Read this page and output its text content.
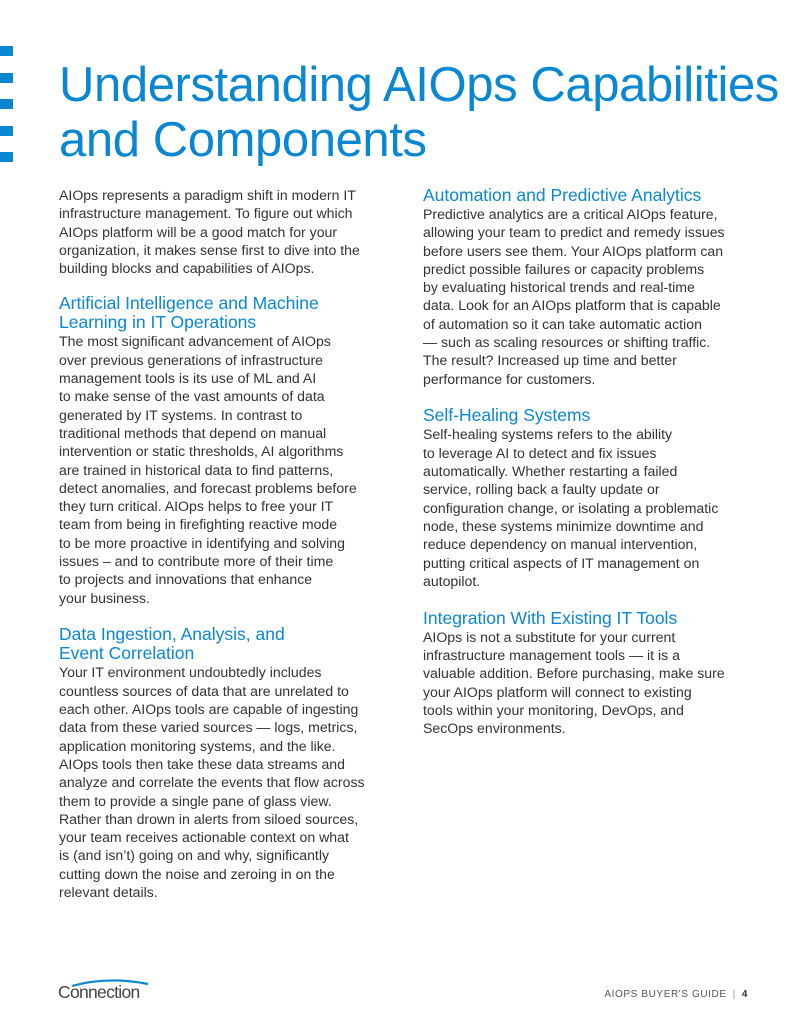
Understanding AIOps Capabilities
and Components

AIOps represents a paradigm shift in modern IT
infrastructure management. To figure out which
AIOps platform will be a good match for your
organization, it makes sense first to dive into the
building blocks and capabilities of AIOps.

Artificial Intelligence and Machine
Learning in IT Operations

The most significant advancement of AIOps
over previous generations of infrastructure
management tools is its use of ML and AI
to make sense of the vast amounts of data
generated by IT systems. In contrast to
traditional methods that depend on manual
intervention or static thresholds, AI algorithms
are trained in historical data to find patterns,
detect anomalies, and forecast problems before
they turn critical. AIOps helps to free your IT
team from being in firefighting reactive mode
to be more proactive in identifying and solving
issues – and to contribute more of their time
to projects and innovations that enhance
your business.

Data Ingestion, Analysis, and
Event Correlation

Your IT environment undoubtedly includes
countless sources of data that are unrelated to
each other. AIOps tools are capable of ingesting
data from these varied sources — logs, metrics,
application monitoring systems, and the like.
AIOps tools then take these data streams and
analyze and correlate the events that flow across
them to provide a single pane of glass view.
Rather than drown in alerts from siloed sources,
your team receives actionable context on what
is (and isn’t) going on and why, significantly
cutting down the noise and zeroing in on the
relevant details.

Automation and Predictive Analytics

Predictive analytics are a critical AIOps feature,
allowing your team to predict and remedy issues
before users see them. Your AIOps platform can
predict possible failures or capacity problems
by evaluating historical trends and real-time
data. Look for an AIOps platform that is capable
of automation so it can take automatic action
— such as scaling resources or shifting traffic.
The result? Increased up time and better
performance for customers.

Self-Healing Systems

Self-healing systems refers to the ability
to leverage AI to detect and fix issues
automatically. Whether restarting a failed
service, rolling back a faulty update or
configuration change, or isolating a problematic
node, these systems minimize downtime and
reduce dependency on manual intervention,
putting critical aspects of IT management on
autopilot.

Integration With Existing IT Tools

AIOps is not a substitute for your current
infrastructure management tools — it is a
valuable addition. Before purchasing, make sure
your AIOps platform will connect to existing
tools within your monitoring, DevOps, and
SecOps environments.

Connection	AIOPS BUYER'S GUIDE | 4
